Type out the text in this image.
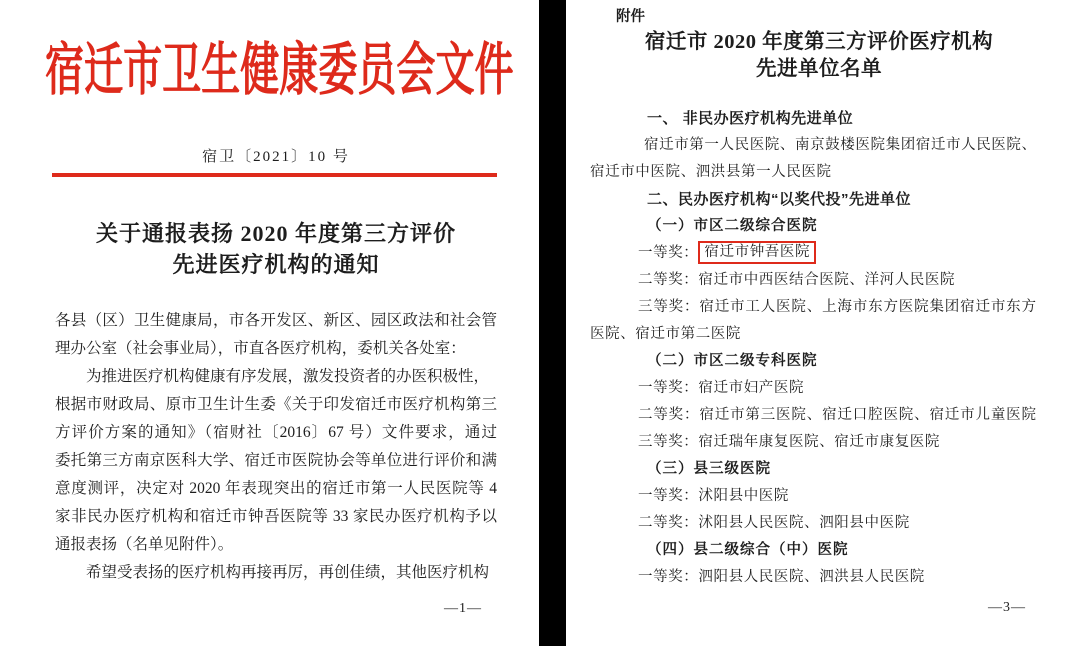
宿迁市卫生健康委员会文件
宿卫〔2021〕10 号
关于通报表扬 2020 年度第三方评价
先进医疗机构的通知
各县（区）卫生健康局，市各开发区、新区、园区政法和社会管
理办公室（社会事业局），市直各医疗机构，委机关各处室：
为推进医疗机构健康有序发展，激发投资者的办医积极性，
根据市财政局、原市卫生计生委《关于印发宿迁市医疗机构第三
方评价方案的通知》（宿财社〔2016〕67 号）文件要求，通过
委托第三方南京医科大学、宿迁市医院协会等单位进行评价和满
意度测评，决定对 2020 年表现突出的宿迁市第一人民医院等 4
家非民办医疗机构和宿迁市钟吾医院等 33 家民办医疗机构予以
通报表扬（名单见附件）。
希望受表扬的医疗机构再接再厉，再创佳绩，其他医疗机构
—1—
附件
宿迁市 2020 年度第三方评价医疗机构
先进单位名单
一、 非民办医疗机构先进单位
宿迁市第一人民医院、南京鼓楼医院集团宿迁市人民医院、
宿迁市中医院、泗洪县第一人民医院
二、民办医疗机构“以奖代投”先进单位
（一）市区二级综合医院
一等奖： 宿迁市钟吾医院
二等奖：宿迁市中西医结合医院、洋河人民医院
三等奖：宿迁市工人医院、上海市东方医院集团宿迁市东方
医院、宿迁市第二医院
（二）市区二级专科医院
一等奖：宿迁市妇产医院
二等奖：宿迁市第三医院、宿迁口腔医院、宿迁市儿童医院
三等奖：宿迁瑞年康复医院、宿迁市康复医院
（三）县三级医院
一等奖：沭阳县中医院
二等奖：沭阳县人民医院、泗阳县中医院
（四）县二级综合（中）医院
一等奖：泗阳县人民医院、泗洪县人民医院
—3—
